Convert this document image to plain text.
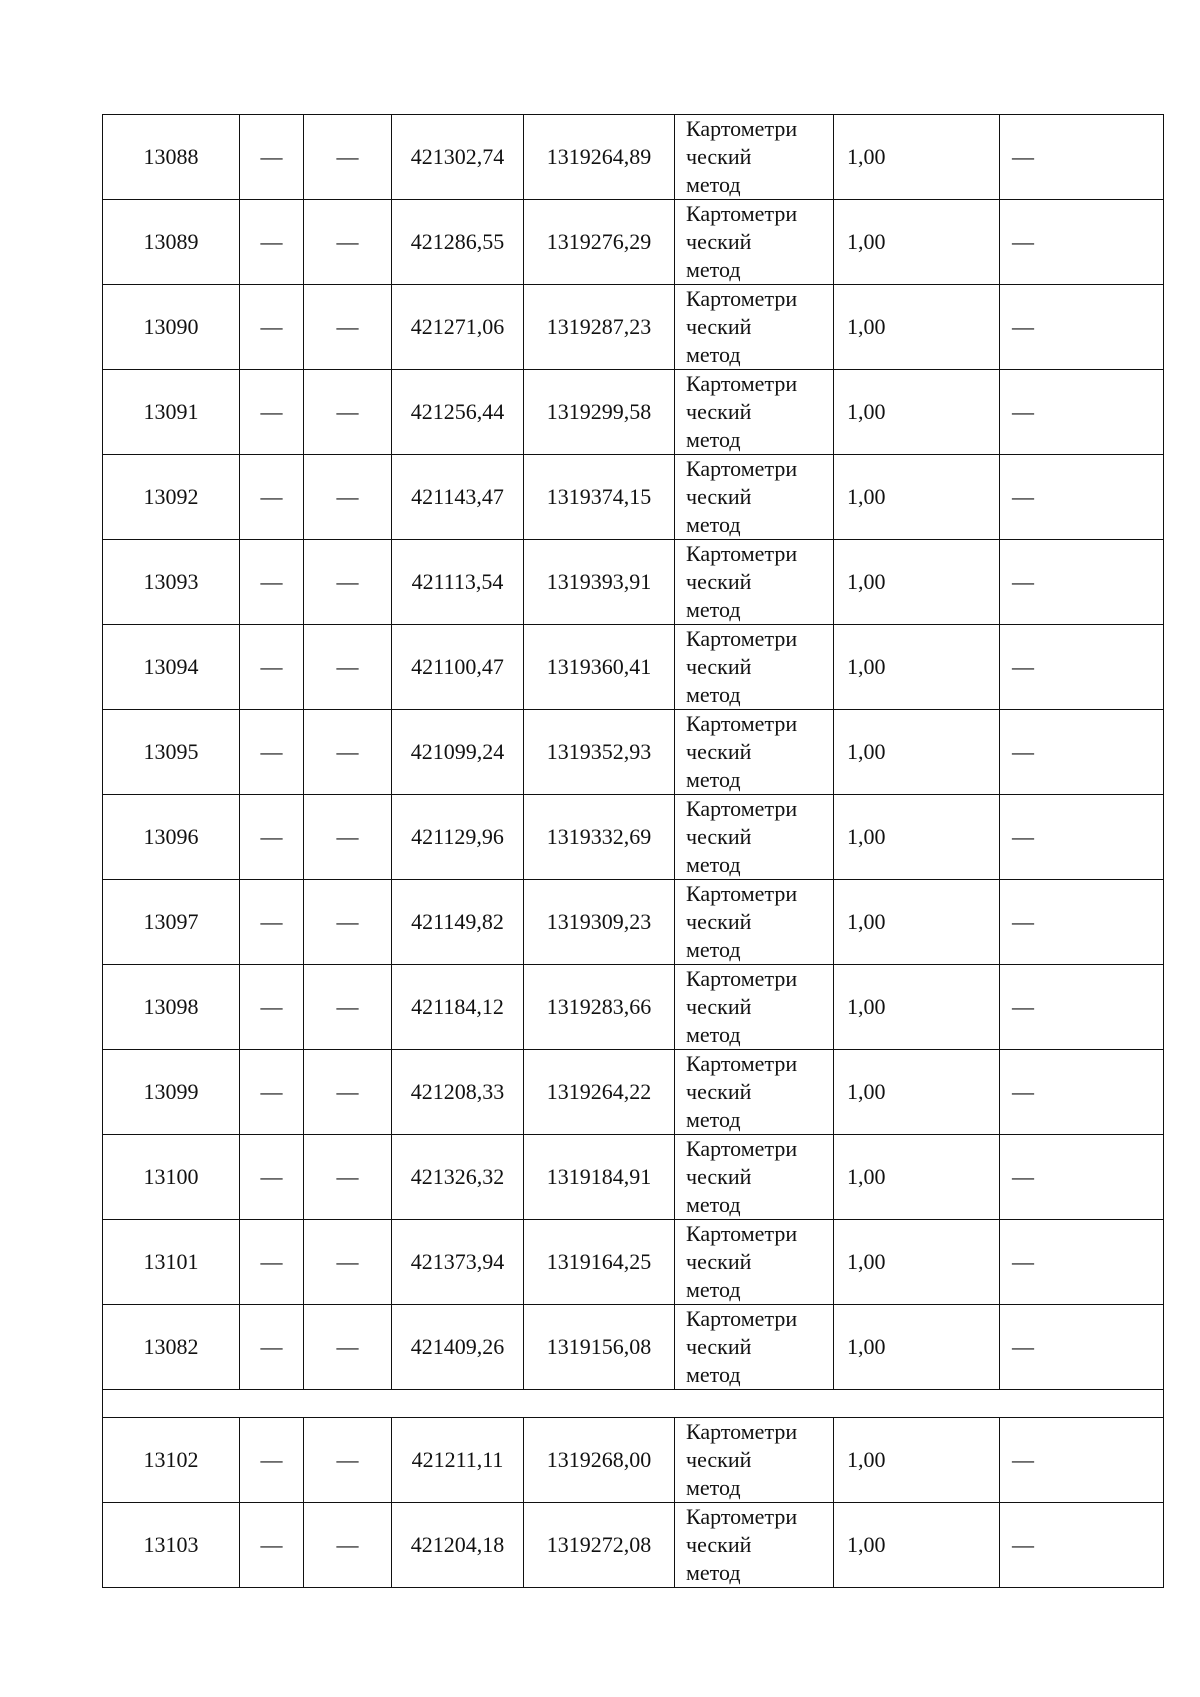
13088	—	—	421302,74	1319264,89	Картометри
ческий
метод	1,00	—
13089	—	—	421286,55	1319276,29	Картометри
ческий
метод	1,00	—
13090	—	—	421271,06	1319287,23	Картометри
ческий
метод	1,00	—
13091	—	—	421256,44	1319299,58	Картометри
ческий
метод	1,00	—
13092	—	—	421143,47	1319374,15	Картометри
ческий
метод	1,00	—
13093	—	—	421113,54	1319393,91	Картометри
ческий
метод	1,00	—
13094	—	—	421100,47	1319360,41	Картометри
ческий
метод	1,00	—
13095	—	—	421099,24	1319352,93	Картометри
ческий
метод	1,00	—
13096	—	—	421129,96	1319332,69	Картометри
ческий
метод	1,00	—
13097	—	—	421149,82	1319309,23	Картометри
ческий
метод	1,00	—
13098	—	—	421184,12	1319283,66	Картометри
ческий
метод	1,00	—
13099	—	—	421208,33	1319264,22	Картометри
ческий
метод	1,00	—
13100	—	—	421326,32	1319184,91	Картометри
ческий
метод	1,00	—
13101	—	—	421373,94	1319164,25	Картометри
ческий
метод	1,00	—
13082	—	—	421409,26	1319156,08	Картометри
ческий
метод	1,00	—

13102	—	—	421211,11	1319268,00	Картометри
ческий
метод	1,00	—
13103	—	—	421204,18	1319272,08	Картометри
ческий
метод	1,00	—
